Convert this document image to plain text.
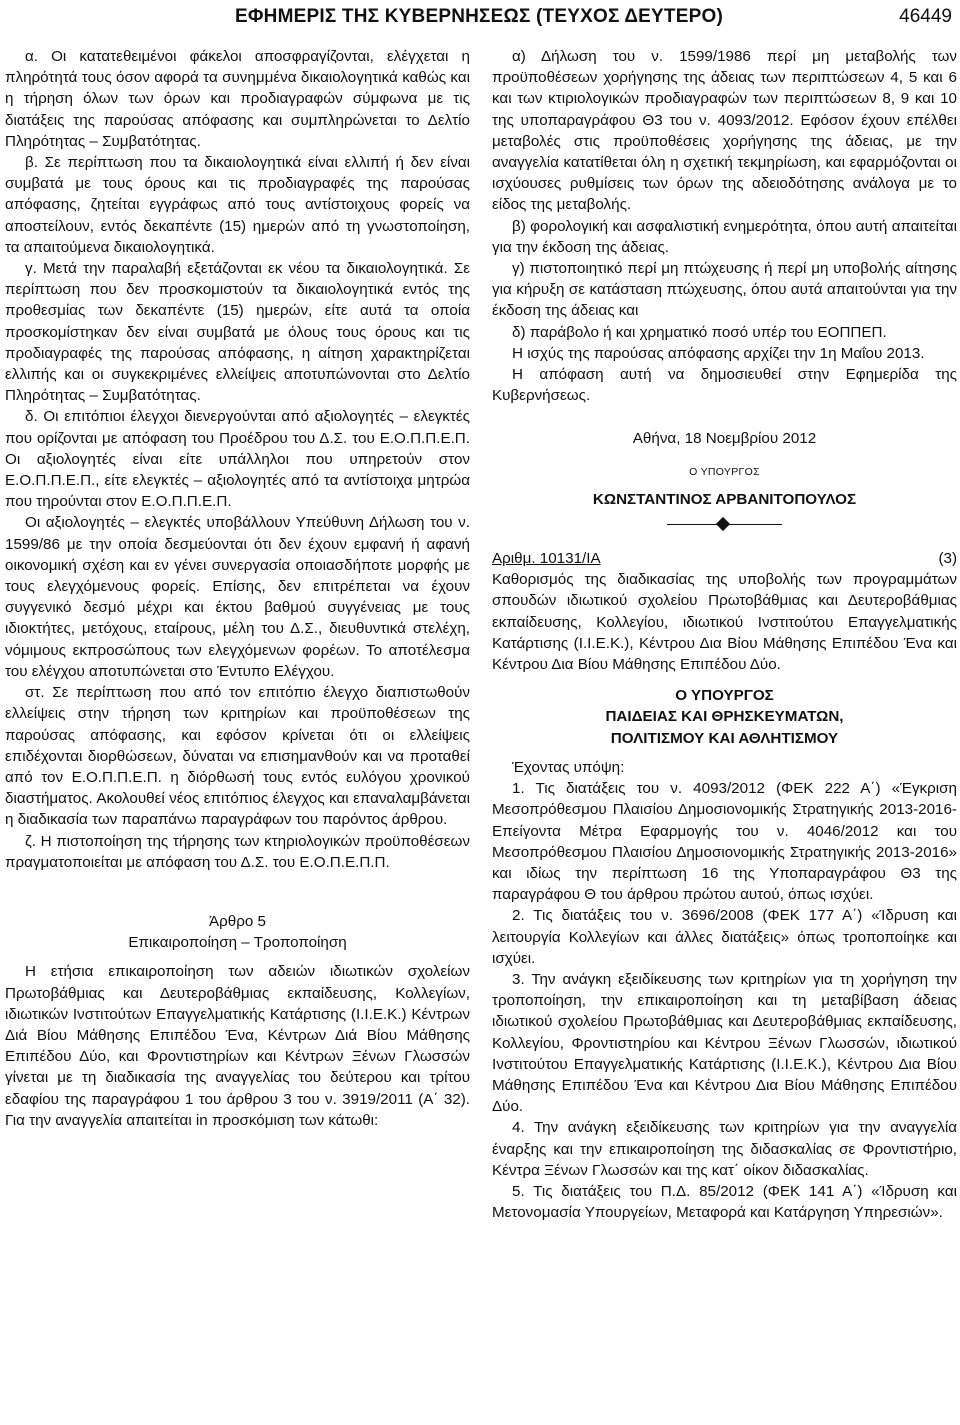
ΕΦΗΜΕΡΙΣ ΤΗΣ ΚΥΒΕΡΝΗΣΕΩΣ (ΤΕΥΧΟΣ ΔΕΥΤΕΡΟ)	46449

α. Οι κατατεθειμένοι φάκελοι αποσφραγίζονται, ελέγχεται η πληρότητά τους όσον αφορά τα συνημμένα δικαιολογητικά καθώς και η τήρηση όλων των όρων και προδιαγραφών σύμφωνα με τις διατάξεις της παρούσας απόφασης και συμπληρώνεται το Δελτίο Πληρότητας – Συμβατότητας.

β. Σε περίπτωση που τα δικαιολογητικά είναι ελλιπή ή δεν είναι συμβατά με τους όρους και τις προδιαγραφές της παρούσας απόφασης, ζητείται εγγράφως από τους αντίστοιχους φορείς να αποστείλουν, εντός δεκαπέντε (15) ημερών από τη γνωστοποίηση, τα απαιτούμενα δικαιολογητικά.

γ. Μετά την παραλαβή εξετάζονται εκ νέου τα δικαιολογητικά. Σε περίπτωση που δεν προσκομιστούν τα δικαιολογητικά εντός της προθεσμίας των δεκαπέντε (15) ημερών, είτε αυτά τα οποία προσκομίστηκαν δεν είναι συμβατά με όλους τους όρους και τις προδιαγραφές της παρούσας απόφασης, η αίτηση χαρακτηρίζεται ελλιπής και οι συγκεκριμένες ελλείψεις αποτυπώνονται στο Δελτίο Πληρότητας – Συμβατότητας.

δ. Οι επιτόπιοι έλεγχοι διενεργούνται από αξιολογητές – ελεγκτές που ορίζονται με απόφαση του Προέδρου του Δ.Σ. του Ε.Ο.Π.Π.Ε.Π. Οι αξιολογητές είναι είτε υπάλληλοι που υπηρετούν στον Ε.Ο.Π.Π.Ε.Π., είτε ελεγκτές – αξιολογητές από τα αντίστοιχα μητρώα που τηρούνται στον Ε.Ο.Π.Π.Ε.Π.

Οι αξιολογητές – ελεγκτές υποβάλλουν Υπεύθυνη Δήλωση του ν. 1599/86 με την οποία δεσμεύονται ότι δεν έχουν εμφανή ή αφανή οικονομική σχέση και εν γένει συνεργασία οποιασδήποτε μορφής με τους ελεγχόμενους φορείς. Επίσης, δεν επιτρέπεται να έχουν συγγενικό δεσμό μέχρι και έκτου βαθμού συγγένειας με τους ιδιοκτήτες, μετόχους, εταίρους, μέλη του Δ.Σ., διευθυντικά στελέχη, νόμιμους εκπροσώπους των ελεγχόμενων φορέων. Το αποτέλεσμα του ελέγχου αποτυπώνεται στο Έντυπο Ελέγχου.

στ. Σε περίπτωση που από τον επιτόπιο έλεγχο διαπιστωθούν ελλείψεις στην τήρηση των κριτηρίων και προϋποθέσεων της παρούσας απόφασης, και εφόσον κρίνεται ότι οι ελλείψεις επιδέχονται διορθώσεων, δύναται να επισημανθούν και να προταθεί από τον Ε.Ο.Π.Π.Ε.Π. η διόρθωσή τους εντός ευλόγου χρονικού διαστήματος. Ακολουθεί νέος επιτόπιος έλεγχος και επαναλαμβάνεται η διαδικασία των παραπάνω παραγράφων του παρόντος άρθρου.

ζ. Η πιστοποίηση της τήρησης των κτηριολογικών προϋποθέσεων πραγματοποιείται με απόφαση του Δ.Σ. του Ε.Ο.Π.Ε.Π.Π.

Άρθρο 5

Επικαιροποίηση – Τροποποίηση

Η ετήσια επικαιροποίηση των αδειών ιδιωτικών σχολείων Πρωτοβάθμιας και Δευτεροβάθμιας εκπαίδευσης, Κολλεγίων, ιδιωτικών Ινστιτούτων Επαγγελματικής Κατάρτισης (Ι.Ι.Ε.Κ.) Κέντρων Διά Βίου Μάθησης Επιπέδου Ένα, Κέντρων Διά Βίου Μάθησης Επιπέδου Δύο, και Φροντιστηρίων και Κέντρων Ξένων Γλωσσών γίνεται με τη διαδικασία της αναγγελίας του δεύτερου και τρίτου εδαφίου της παραγράφου 1 του άρθρου 3 του ν. 3919/2011 (Α΄ 32). Για την αναγγελία απαιτείται in προσκόμιση των κάτωθι:

α) Δήλωση του ν. 1599/1986 περί μη μεταβολής των προϋποθέσεων χορήγησης της άδειας των περιπτώσεων 4, 5 και 6 και των κτιριολογικών προδιαγραφών των περιπτώσεων 8, 9 και 10 της υποπαραγράφου Θ3 του ν. 4093/2012. Εφόσον έχουν επέλθει μεταβολές στις προϋποθέσεις χορήγησης της άδειας, με την αναγγελία κατατίθεται όλη η σχετική τεκμηρίωση, και εφαρμόζονται οι ισχύουσες ρυθμίσεις των όρων της αδειοδότησης ανάλογα με το είδος της μεταβολής.

β) φορολογική και ασφαλιστική ενημερότητα, όπου αυτή απαιτείται για την έκδοση της άδειας.

γ) πιστοποιητικό περί μη πτώχευσης ή περί μη υποβολής αίτησης για κήρυξη σε κατάσταση πτώχευσης, όπου αυτά απαιτούνται για την έκδοση της άδειας και

δ) παράβολο ή και χρηματικό ποσό υπέρ του ΕΟΠΠΕΠ.

Η ισχύς της παρούσας απόφασης αρχίζει την 1η Μαΐου 2013.

Η απόφαση αυτή να δημοσιευθεί στην Εφημερίδα της Κυβερνήσεως.

Αθήνα, 18 Νοεμβρίου 2012

Ο ΥΠΟΥΡΓΟΣ

ΚΩΝΣΤΑΝΤΙΝΟΣ ΑΡΒΑΝΙΤΟΠΟΥΛΟΣ

Αριθμ. 10131/ΙΑ	(3)

Καθορισμός της διαδικασίας της υποβολής των προγραμμάτων σπουδών ιδιωτικού σχολείου Πρωτοβάθμιας και Δευτεροβάθμιας εκπαίδευσης, Κολλεγίου, ιδιωτικού Ινστιτούτου Επαγγελματικής Κατάρτισης (Ι.Ι.Ε.Κ.), Κέντρου Δια Βίου Μάθησης Επιπέδου Ένα και Κέντρου Δια Βίου Μάθησης Επιπέδου Δύο.

Ο ΥΠΟΥΡΓΟΣ

ΠΑΙΔΕΙΑΣ ΚΑΙ ΘΡΗΣΚΕΥΜΑΤΩΝ,

ΠΟΛΙΤΙΣΜΟΥ ΚΑΙ ΑΘΛΗΤΙΣΜΟΥ

Έχοντας υπόψη:

1. Τις διατάξεις του ν. 4093/2012 (ΦΕΚ 222 Α΄) «Έγκριση Μεσοπρόθεσμου Πλαισίου Δημοσιονομικής Στρατηγικής 2013-2016- Επείγοντα Μέτρα Εφαρμογής του ν. 4046/2012 και του Μεσοπρόθεσμου Πλαισίου Δημοσιονομικής Στρατηγικής 2013-2016» και ιδίως την περίπτωση 16 της Υποπαραγράφου Θ3 της παραγράφου Θ του άρθρου πρώτου αυτού, όπως ισχύει.

2. Τις διατάξεις του ν. 3696/2008 (ΦΕΚ 177 Α΄) «Ίδρυση και λειτουργία Κολλεγίων και άλλες διατάξεις» όπως τροποποίηκε και ισχύει.

3. Την ανάγκη εξειδίκευσης των κριτηρίων για τη χορήγηση την τροποποίηση, την επικαιροποίηση και τη μεταβίβαση άδειας ιδιωτικού σχολείου Πρωτοβάθμιας και Δευτεροβάθμιας εκπαίδευσης, Κολλεγίου, Φροντιστηρίου και Κέντρου Ξένων Γλωσσών, ιδιωτικού Ινστιτούτου Επαγγελματικής Κατάρτισης (Ι.Ι.Ε.Κ.), Κέντρου Δια Βίου Μάθησης Επιπέδου Ένα και Κέντρου Δια Βίου Μάθησης Επιπέδου Δύο.

4. Την ανάγκη εξειδίκευσης των κριτηρίων για την αναγγελία έναρξης και την επικαιροποίηση της διδασκαλίας σε Φροντιστήριο, Κέντρα Ξένων Γλωσσών και της κατ΄ οίκον διδασκαλίας.

5. Τις διατάξεις του Π.Δ. 85/2012 (ΦΕΚ 141 Α΄) «Ίδρυση και Μετονομασία Υπουργείων, Μεταφορά και Κατάργηση Υπηρεσιών».
